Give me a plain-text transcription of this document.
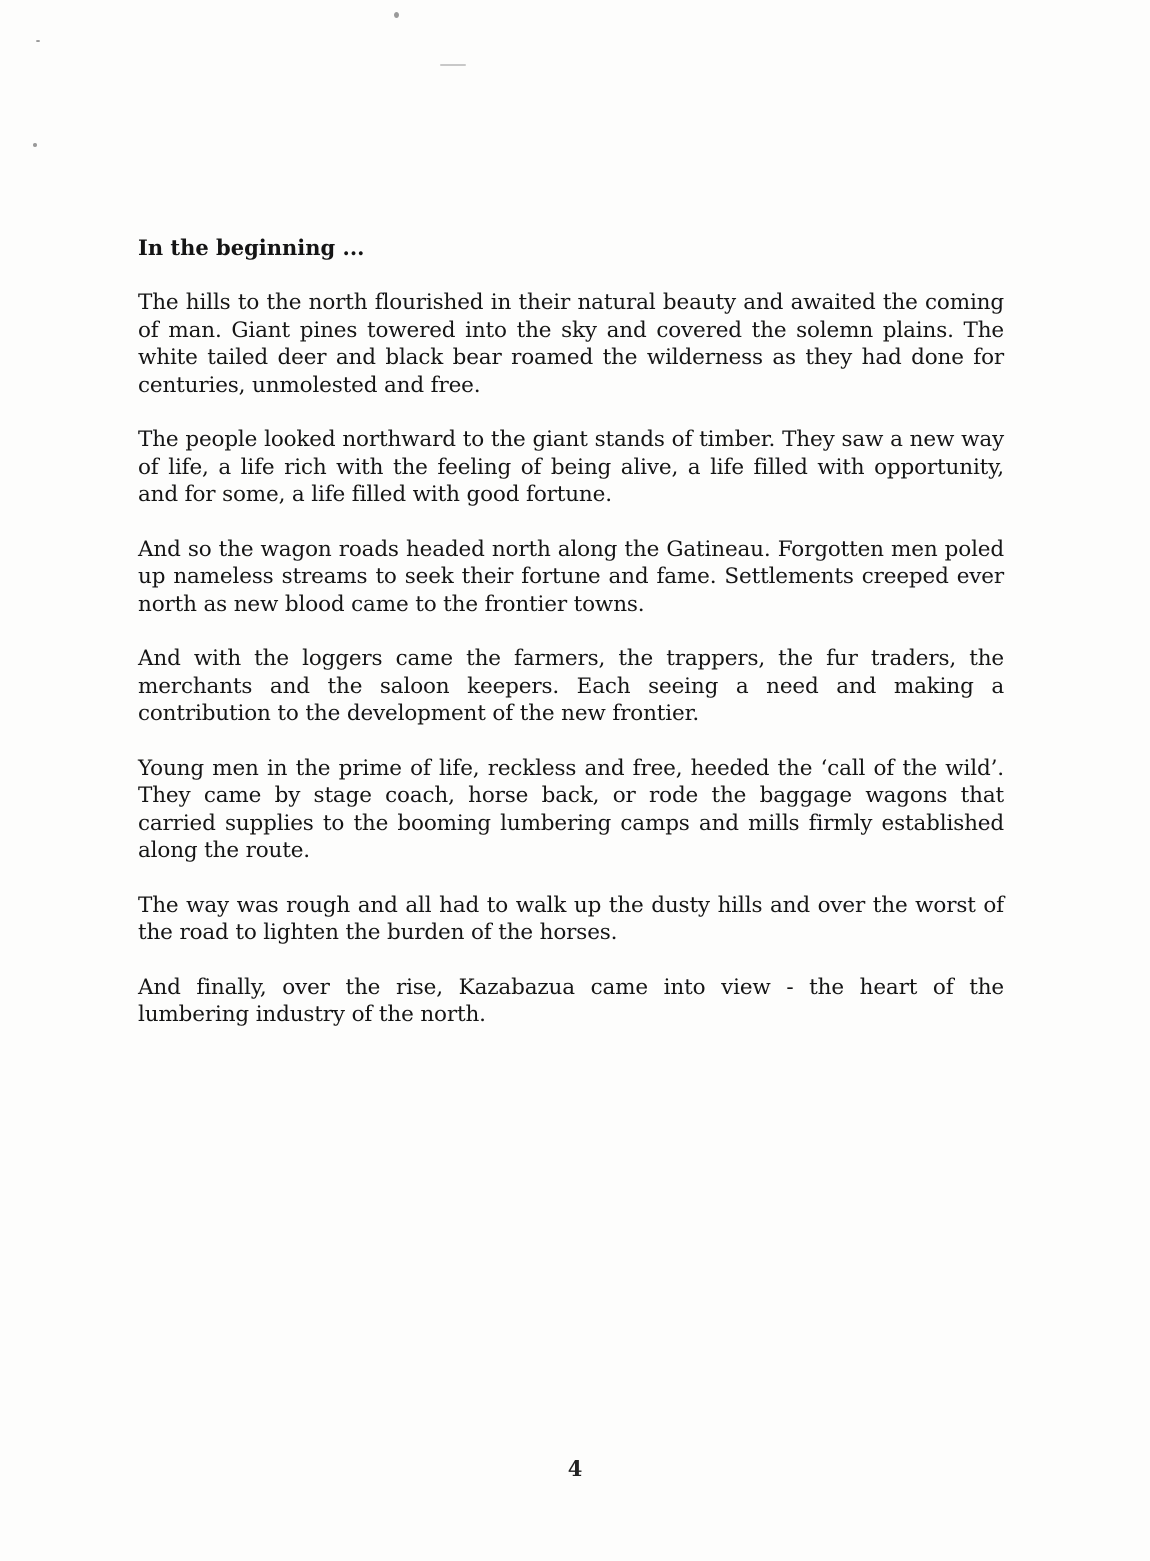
In the beginning ...

The hills to the north flourished in their natural beauty and awaited the coming of man. Giant pines towered into the sky and covered the solemn plains. The white tailed deer and black bear roamed the wilderness as they had done for centuries, unmolested and free.

The people looked northward to the giant stands of timber. They saw a new way of life, a life rich with the feeling of being alive, a life filled with opportunity, and for some, a life filled with good fortune.

And so the wagon roads headed north along the Gatineau. Forgotten men poled up nameless streams to seek their fortune and fame. Settlements creeped ever north as new blood came to the frontier towns.

And with the loggers came the farmers, the trappers, the fur traders, the merchants and the saloon keepers. Each seeing a need and making a contribution to the development of the new frontier.

Young men in the prime of life, reckless and free, heeded the ‘call of the wild’. They came by stage coach, horse back, or rode the baggage wagons that carried supplies to the booming lumbering camps and mills firmly established along the route.

The way was rough and all had to walk up the dusty hills and over the worst of the road to lighten the burden of the horses.

And finally, over the rise, Kazabazua came into view - the heart of the lumbering industry of the north.

4
